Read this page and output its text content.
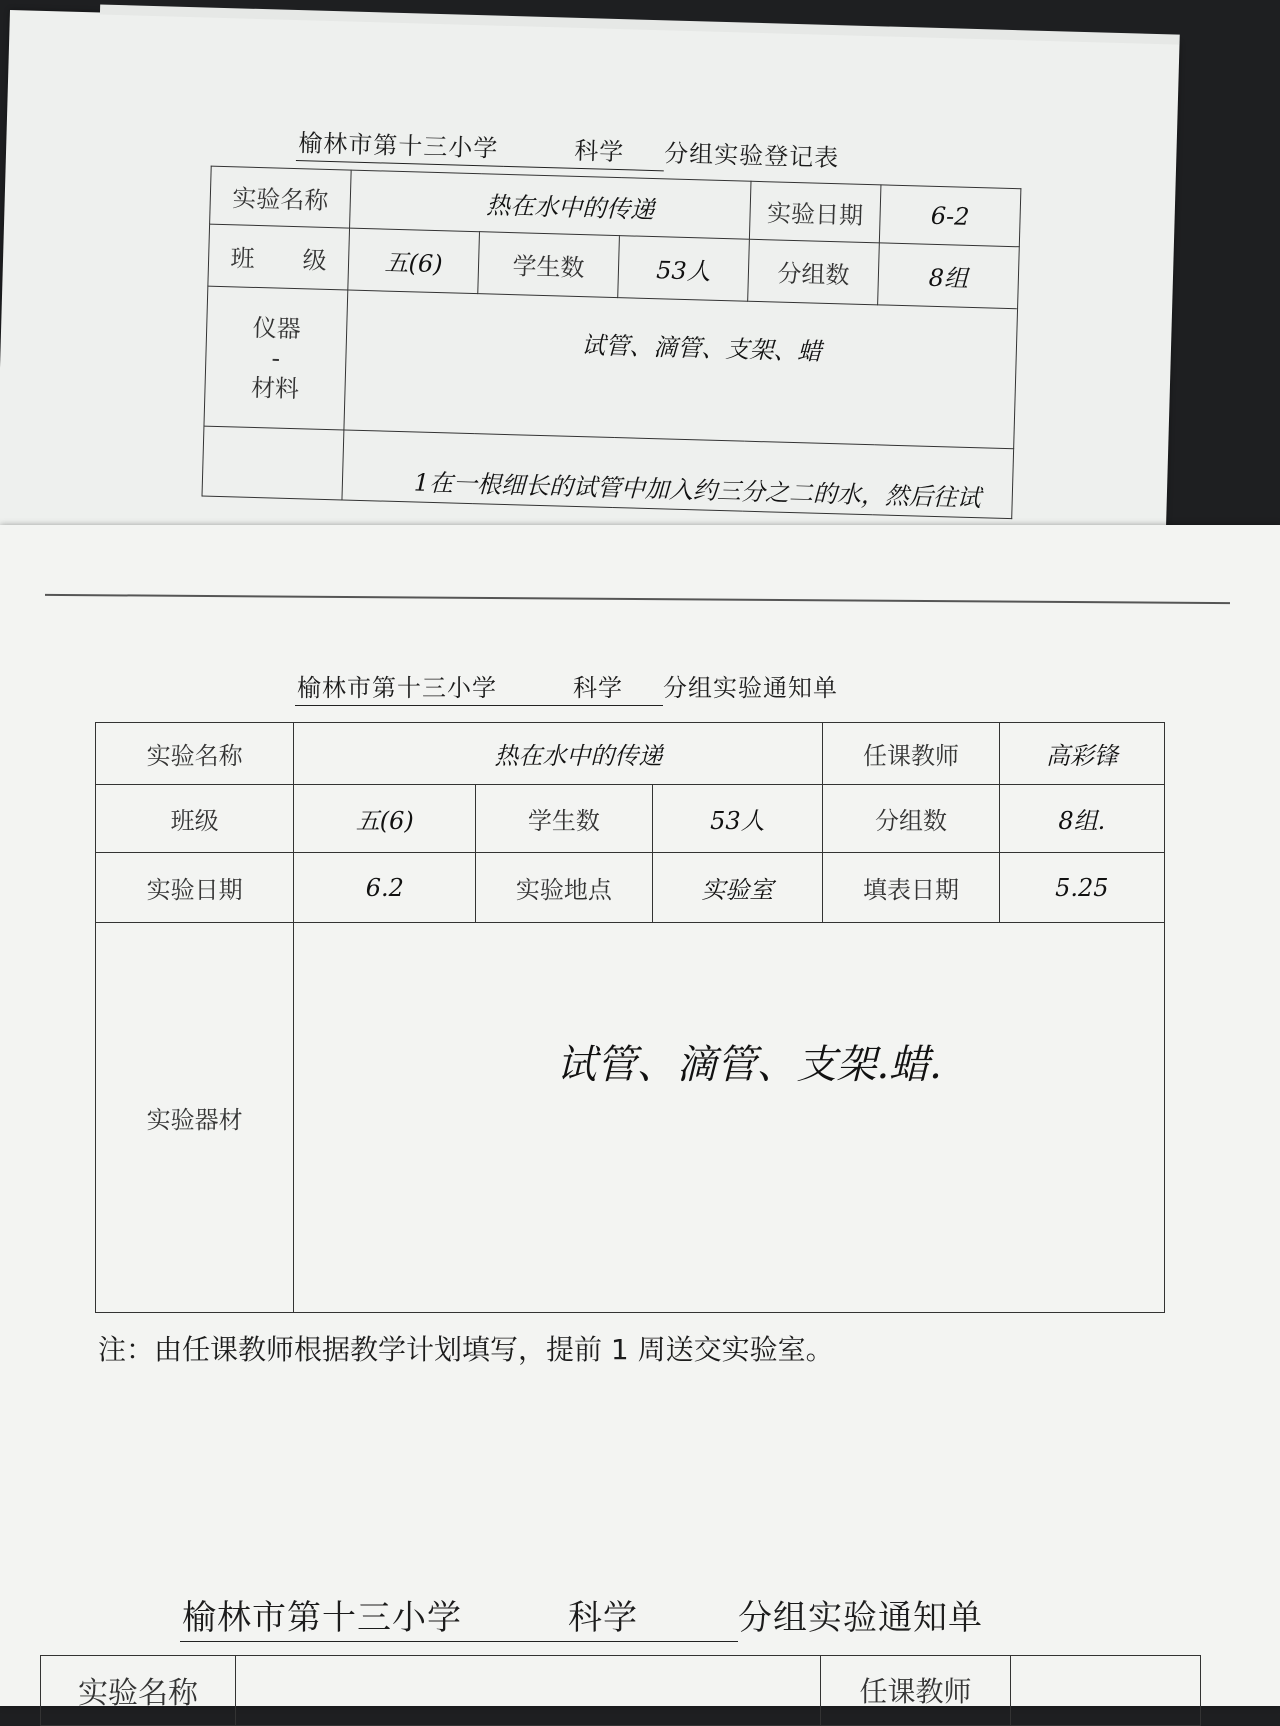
榆林市第十三小学	科学 分组实验登记表
实验名称	热在水中的传递			实验日期	6-2
班　　级	五(6)	学生数	53人	分组数	8组

仪器
-
材料	试管、滴管、支架、蜡				
	1在一根细长的试管中加入约三分之二的水，然后往试				
榆林市第十三小学	科学 分组实验通知单
实验名称	热在水中的传递			任课教师	高彩锋
班级	五(6)	学生数	53人	分组数	8组.
实验日期	6.2	实验地点	实验室	填表日期	5.25
实验器材	试管、滴管、支架.蜡.				
注：由任课教师根据教学计划填写，提前 1 周送交实验室。
榆林市第十三小学	科学	分组实验通知单
实验名称		任课教师	
